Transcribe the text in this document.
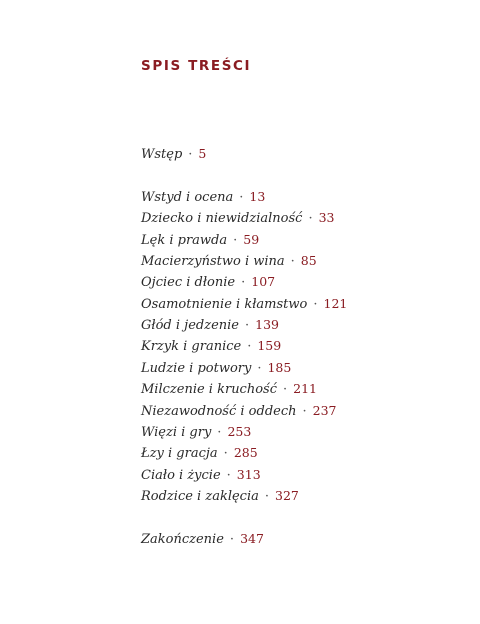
SPIS TREŚCI
Wstęp · 5
Wstyd i ocena · 13
Dziecko i niewidzialność · 33
Lęk i prawda · 59
Macierzyństwo i wina · 85
Ojciec i dłonie · 107
Osamotnienie i kłamstwo · 121
Głód i jedzenie · 139
Krzyk i granice · 159
Ludzie i potwory · 185
Milczenie i kruchość · 211
Niezawodność i oddech · 237
Więzi i gry · 253
Łzy i gracja · 285
Ciało i życie · 313
Rodzice i zaklęcia · 327
Zakończenie · 347
